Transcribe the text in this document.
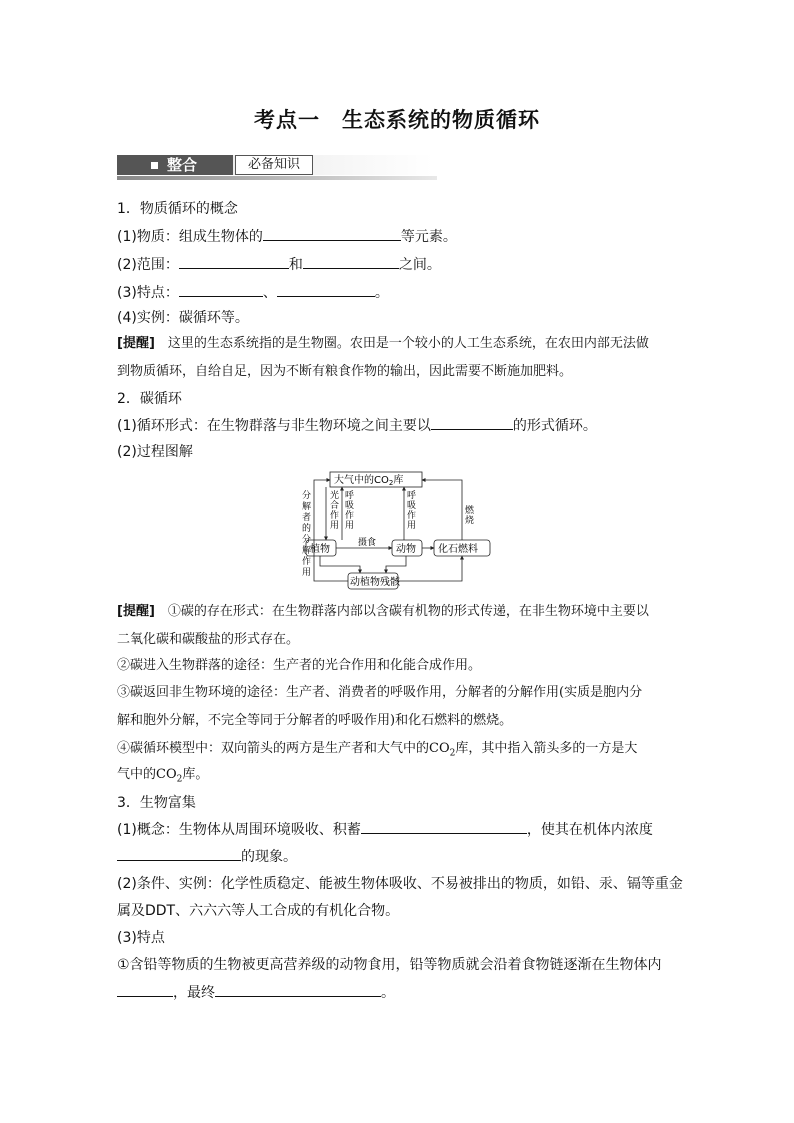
考点一 生态系统的物质循环
整合	必备知识
1．物质循环的概念
(1)物质：组成生物体的	等元素。
(2)范围：	和	之间。
(3)特点：	、	。
(4)实例：碳循环等。
[提醒]　这里的生态系统指的是生物圈。农田是一个较小的人工生态系统，在农田内部无法做
到物质循环，自给自足，因为不断有粮食作物的输出，因此需要不断施加肥料。
2．碳循环
(1)循环形式：在生物群落与非生物环境之间主要以	的形式循环。
(2)过程图解
大气中的$CO_2$库
植物	动物 化石燃料
动植物残骸
分解者的分解作用
光合作用
呼吸作用
摄食
呼吸作用
燃烧
[提醒]　①碳的存在形式：在生物群落内部以含碳有机物的形式传递，在非生物环境中主要以
二氧化碳和碳酸盐的形式存在。
②碳进入生物群落的途径：生产者的光合作用和化能合成作用。
③碳返回非生物环境的途径：生产者、消费者的呼吸作用，分解者的分解作用(实质是胞内分
解和胞外分解，不完全等同于分解者的呼吸作用)和化石燃料的燃烧。
④碳循环模型中：双向箭头的两方是生产者和大气中的$CO_2$库，其中指入箭头多的一方是大
气中的$CO_2$库。
3．生物富集
(1)概念：生物体从周围环境吸收、积蓄	，使其在机体内浓度
的现象。
(2)条件、实例：化学性质稳定、能被生物体吸收、不易被排出的物质，如铅、汞、镉等重金
属及DDT、六六六等人工合成的有机化合物。
(3)特点
①含铅等物质的生物被更高营养级的动物食用，铅等物质就会沿着食物链逐渐在生物体内
，最终	。
